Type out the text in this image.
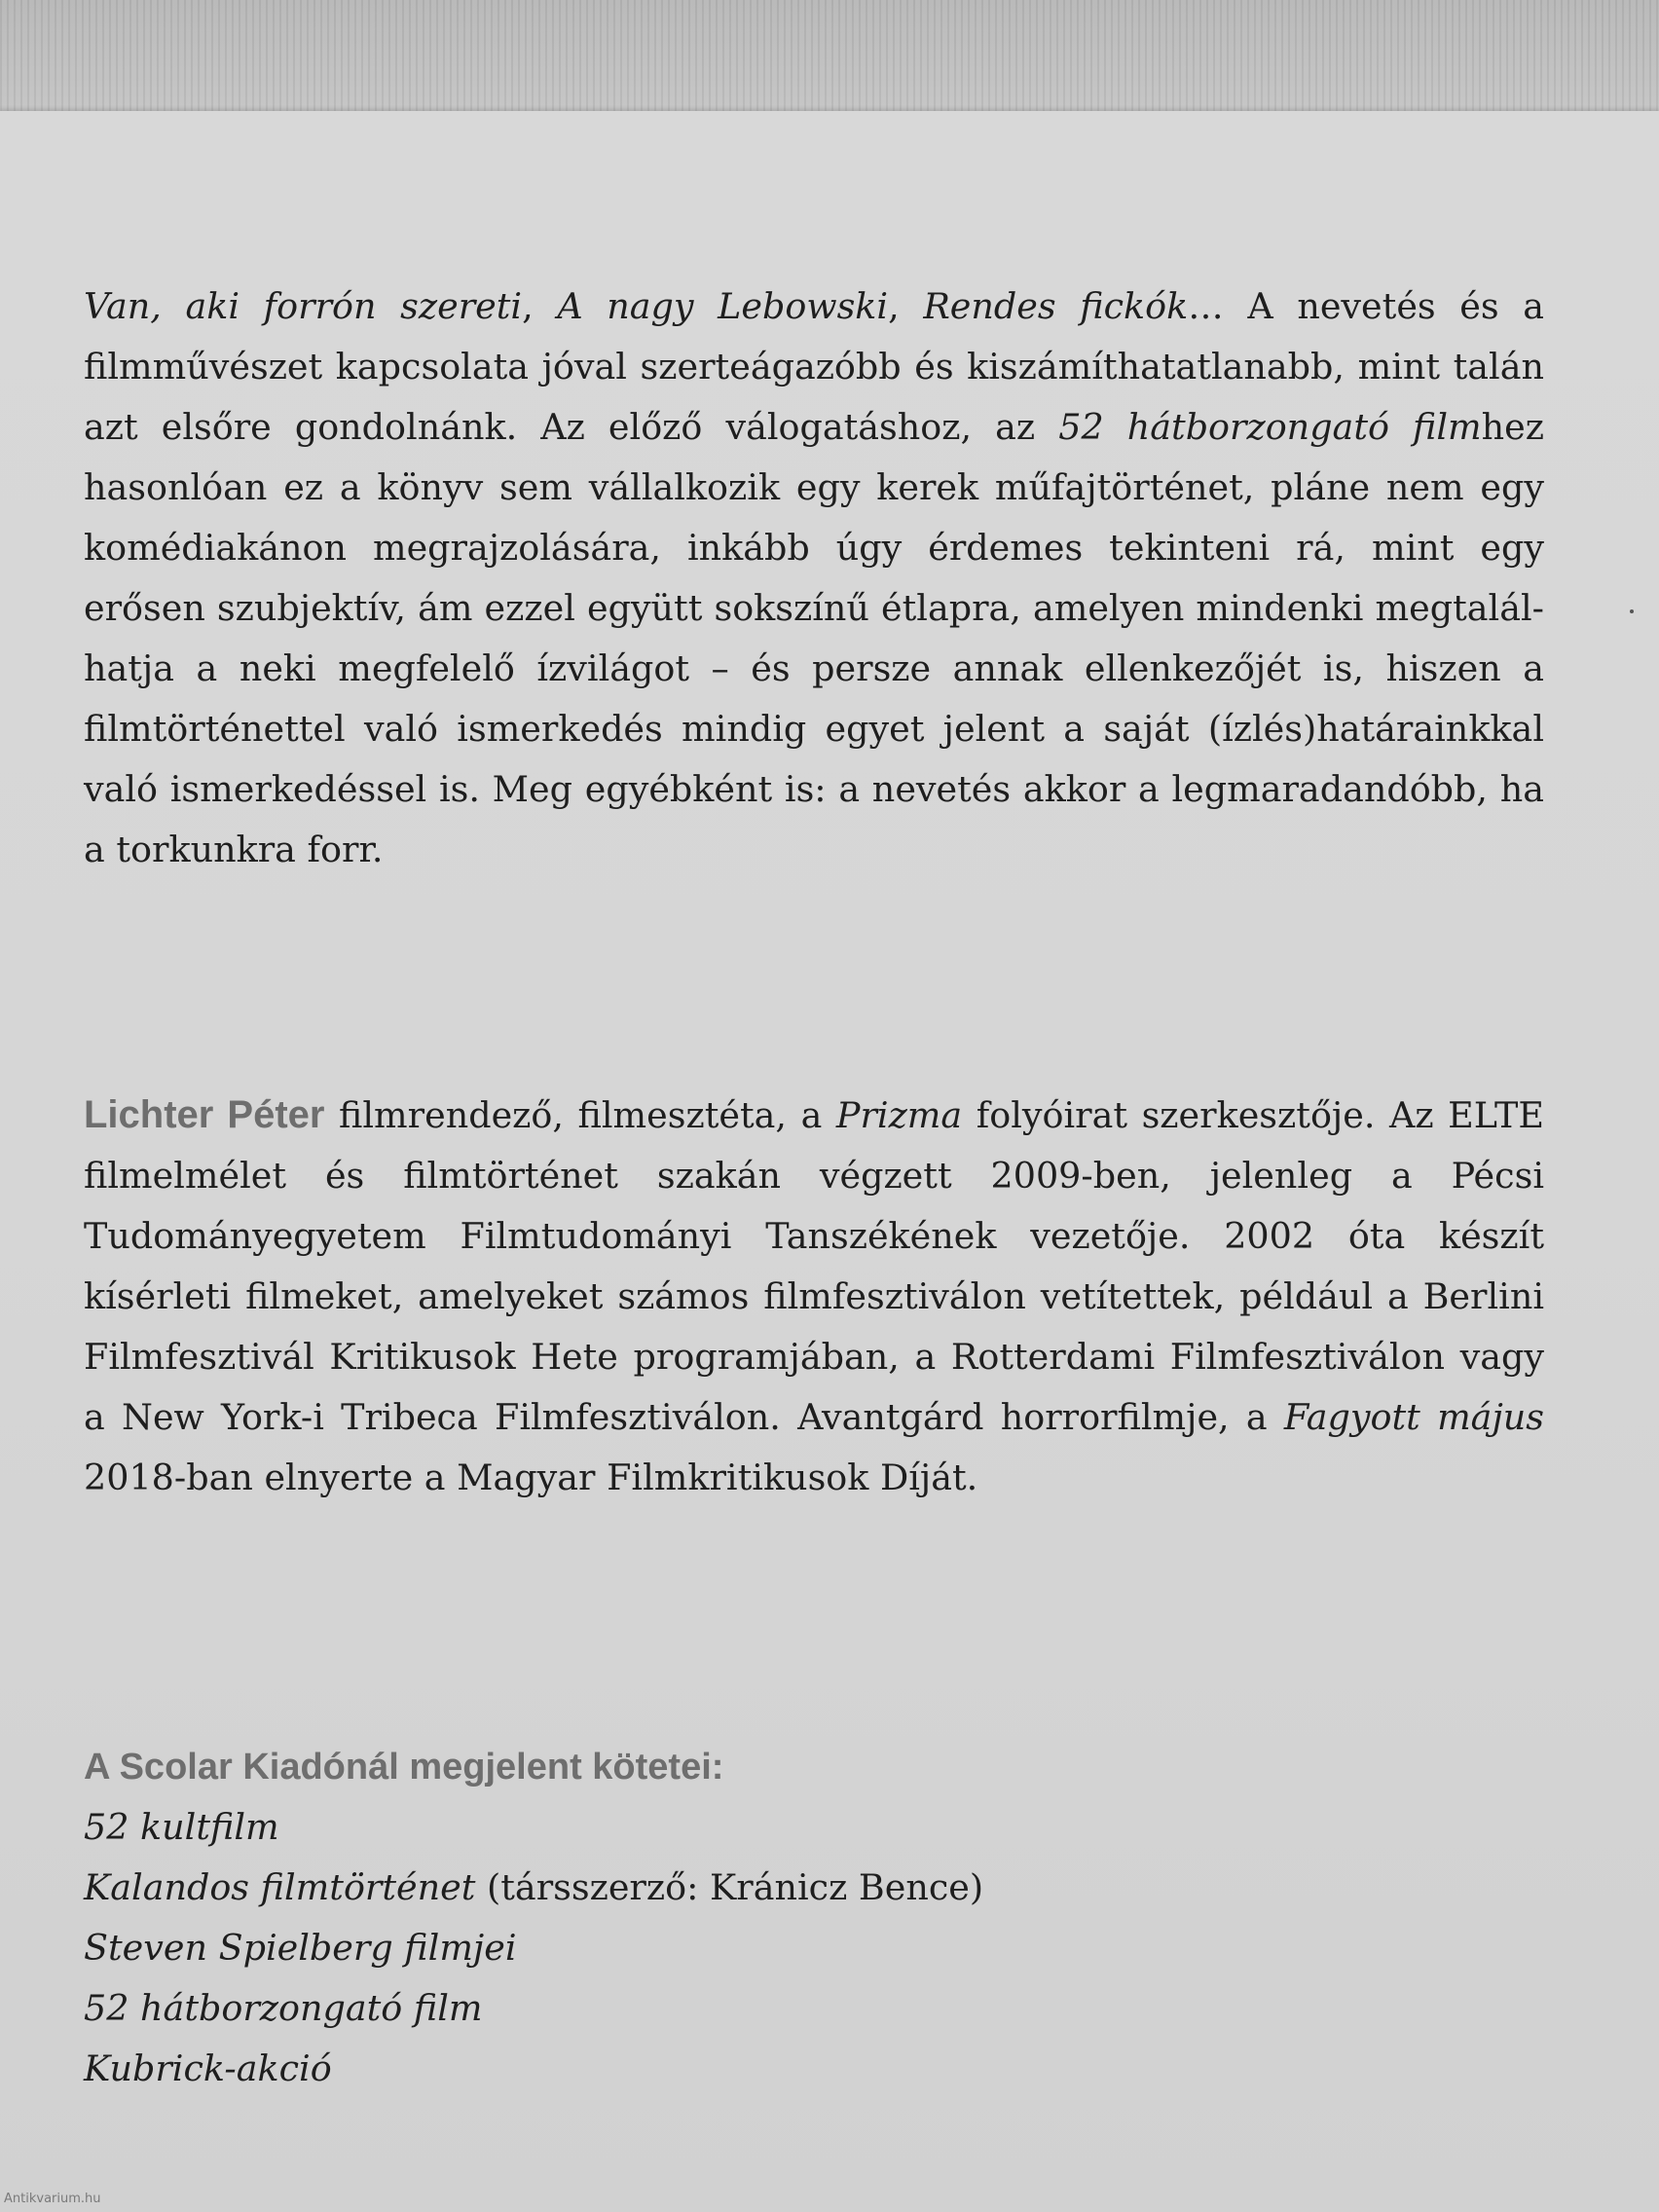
Van, aki forrón szereti, A nagy Lebowski, Rendes fickók… A nevetés és a filmművészet kapcsolata jóval szerteágazóbb és kiszámíthatatlanabb, mint talán azt elsőre gondolnánk. Az előző válogatáshoz, az 52 hátborzongató filmhez hasonlóan ez a könyv sem vállalkozik egy kerek műfajtörténet, pláne nem egy komédiakánon megrajzolására, inkább úgy érdemes tekinteni rá, mint egy erősen szubjektív, ám ezzel együtt sokszínű étlapra, amelyen mindenki megtalálhatja a neki megfelelő ízvilágot – és persze annak ellenkezőjét is, hiszen a filmtörténettel való ismerkedés mindig egyet jelent a saját (ízlés)határainkkal való ismerkedéssel is. Meg egyébként is: a nevetés akkor a legmaradandóbb, ha a torkunkra forr.
Lichter Péter filmrendező, filmesztéta, a Prizma folyóirat szerkesztője. Az ELTE filmelmélet és filmtörténet szakán végzett 2009-ben, jelenleg a Pécsi Tudományegyetem Filmtudományi Tanszékének vezetője. 2002 óta készít kísérleti filmeket, amelyeket számos filmfesztiválon vetítettek, például a Berlini Filmfesztivál Kritikusok Hete programjában, a Rotterdami Filmfesztiválon vagy a New York-i Tribeca Filmfesztiválon. Avantgárd horrorfilmje, a Fagyott május 2018-ban elnyerte a Magyar Filmkritikusok Díját.
A Scolar Kiadónál megjelent kötetei:
52 kultfilm
Kalandos filmtörténet (társszerző: Kránicz Bence)
Steven Spielberg filmjei
52 hátborzongató film
Kubrick-akció
Antikvarium.hu
